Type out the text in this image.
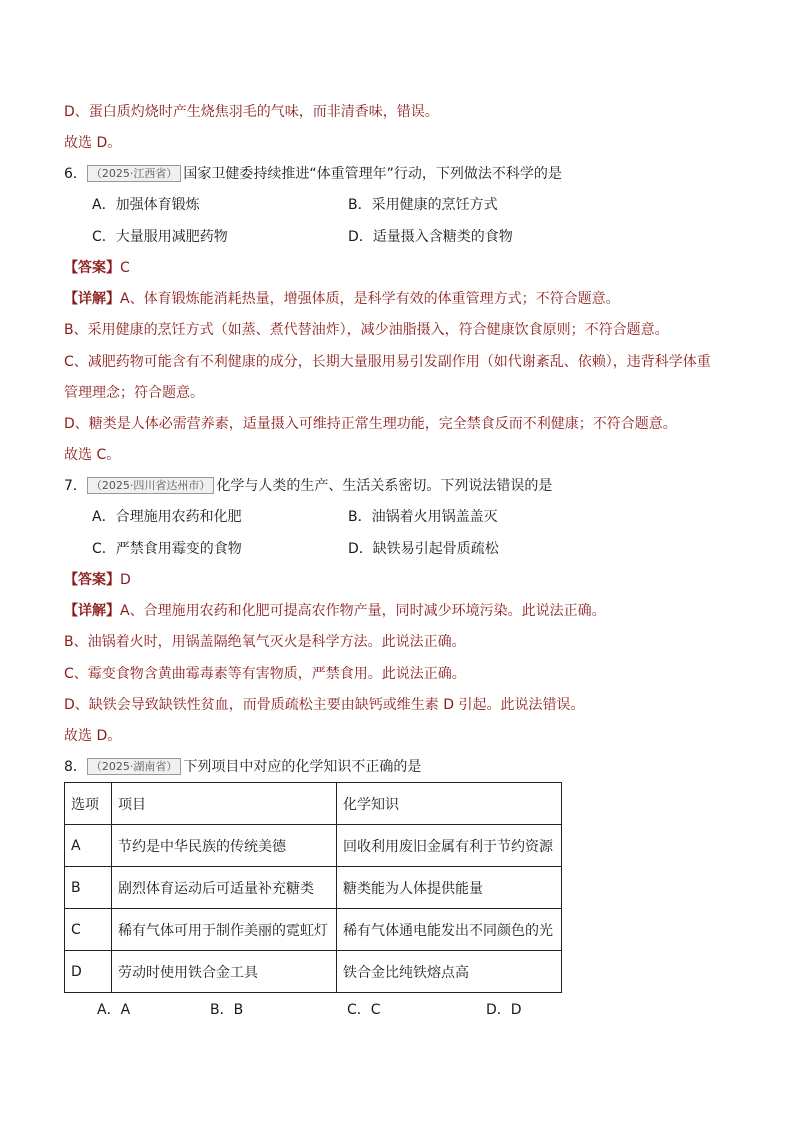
D、蛋白质灼烧时产生烧焦羽毛的气味，而非清香味，错误。
故选 D。
6． （2025·江西省） 国家卫健委持续推进“体重管理年”行动，下列做法不科学的是
A．加强体育锻炼	B．采用健康的烹饪方式
C．大量服用减肥药物	D．适量摄入含糖类的食物
【答案】C
【详解】A、体育锻炼能消耗热量，增强体质，是科学有效的体重管理方式；不符合题意。
B、采用健康的烹饪方式（如蒸、煮代替油炸），减少油脂摄入，符合健康饮食原则；不符合题意。
C、减肥药物可能含有不利健康的成分，长期大量服用易引发副作用（如代谢紊乱、依赖），违背科学体重
管理理念；符合题意。
D、糖类是人体必需营养素，适量摄入可维持正常生理功能，完全禁食反而不利健康；不符合题意。
故选 C。
7． （2025·四川省达州市） 化学与人类的生产、生活关系密切。下列说法错误的是
A．合理施用农药和化肥	B．油锅着火用锅盖盖灭
C．严禁食用霉变的食物	D．缺铁易引起骨质疏松
【答案】D
【详解】A、合理施用农药和化肥可提高农作物产量，同时减少环境污染。此说法正确。
B、油锅着火时，用锅盖隔绝氧气灭火是科学方法。此说法正确。
C、霉变食物含黄曲霉毒素等有害物质，严禁食用。此说法正确。
D、缺铁会导致缺铁性贫血，而骨质疏松主要由缺钙或维生素 D 引起。此说法错误。
故选 D。
8． （2025·湖南省） 下列项目中对应的化学知识不正确的是
选项	项目	化学知识
A	节约是中华民族的传统美德	回收利用废旧金属有利于节约资源
B	剧烈体育运动后可适量补充糖类	糖类能为人体提供能量
C	稀有气体可用于制作美丽的霓虹灯	稀有气体通电能发出不同颜色的光
D	劳动时使用铁合金工具	铁合金比纯铁熔点高
A．A	B．B	C．C	D．D
